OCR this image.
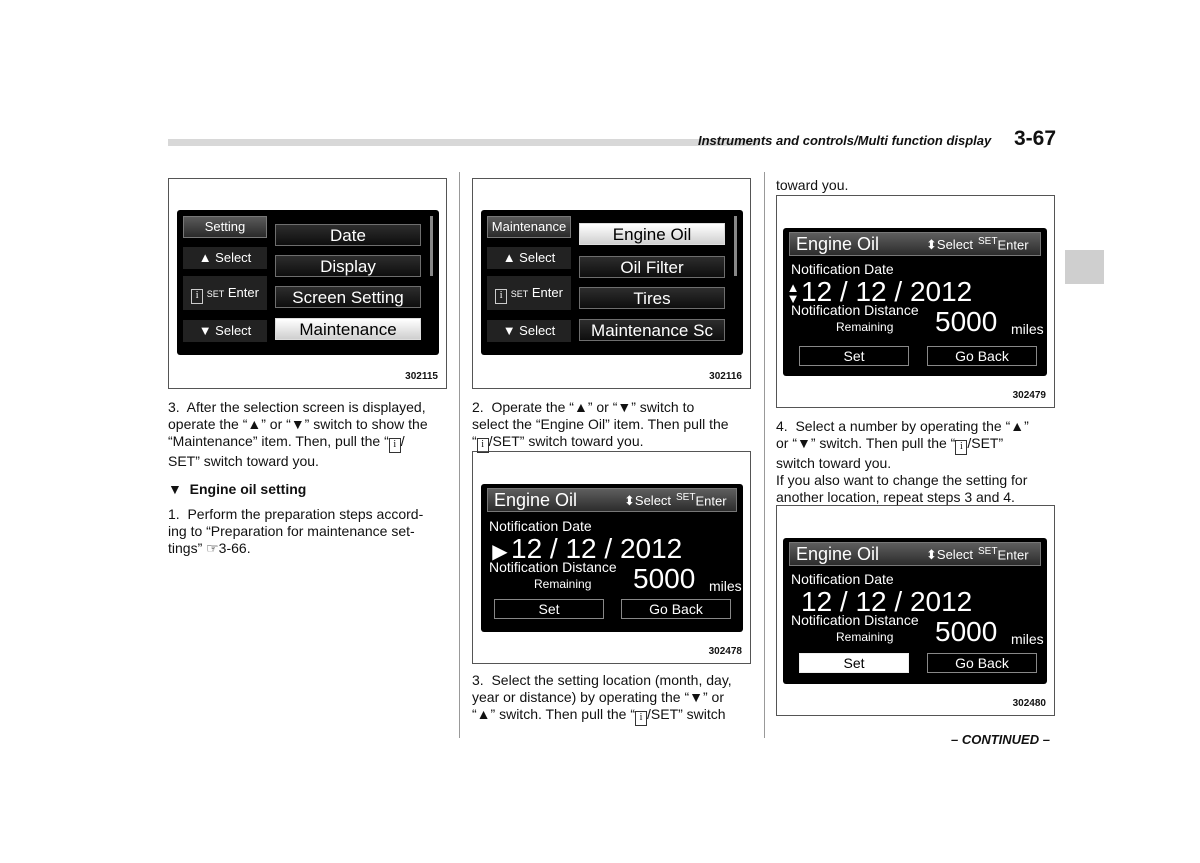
Instruments and controls/Multi function display 3-67
Setting
▲ Select
i SET Enter
▼ Select
Date
Display
Screen Setting
Maintenance
302115
Maintenance
▲ Select
i SET Enter
▼ Select
Engine Oil
Oil Filter
Tires
Maintenance Sc
302116
Engine Oil	⬍Select $^{SET}$Enter
Notification Date
▲
▼ 12 / 12 / 2012
Notification Distance
Remaining 5000 miles
Set	Go Back
302479
Engine Oil	⬍Select $^{SET}$Enter
Notification Date
▶ 12 / 12 / 2012
Notification Distance
Remaining 5000 miles
Set	Go Back
302478
Engine Oil	⬍Select $^{SET}$Enter
Notification Date
12 / 12 / 2012
Notification Distance
Remaining 5000 miles
Set	Go Back
302480

3.  After the selection screen is displayed,

operate the “▲” or “▼” switch to show the

“Maintenance” item. Then, pull the “ i /

SET” switch toward you.

▼ Engine oil setting

1.  Perform the preparation steps accord-

ing to “Preparation for maintenance set-

tings” ☞3-66.

2.  Operate the “▲” or “▼” switch to

select the “Engine Oil” item. Then pull the

“ i /SET” switch toward you.

3.  Select the setting location (month, day,

year or distance) by operating the “▼” or

“▲” switch. Then pull the “ i /SET” switch

toward you.

4.  Select a number by operating the “▲”

or “▼” switch. Then pull the “ i /SET”

switch toward you.

If you also want to change the setting for

another location, repeat steps 3 and 4.

– CONTINUED –
